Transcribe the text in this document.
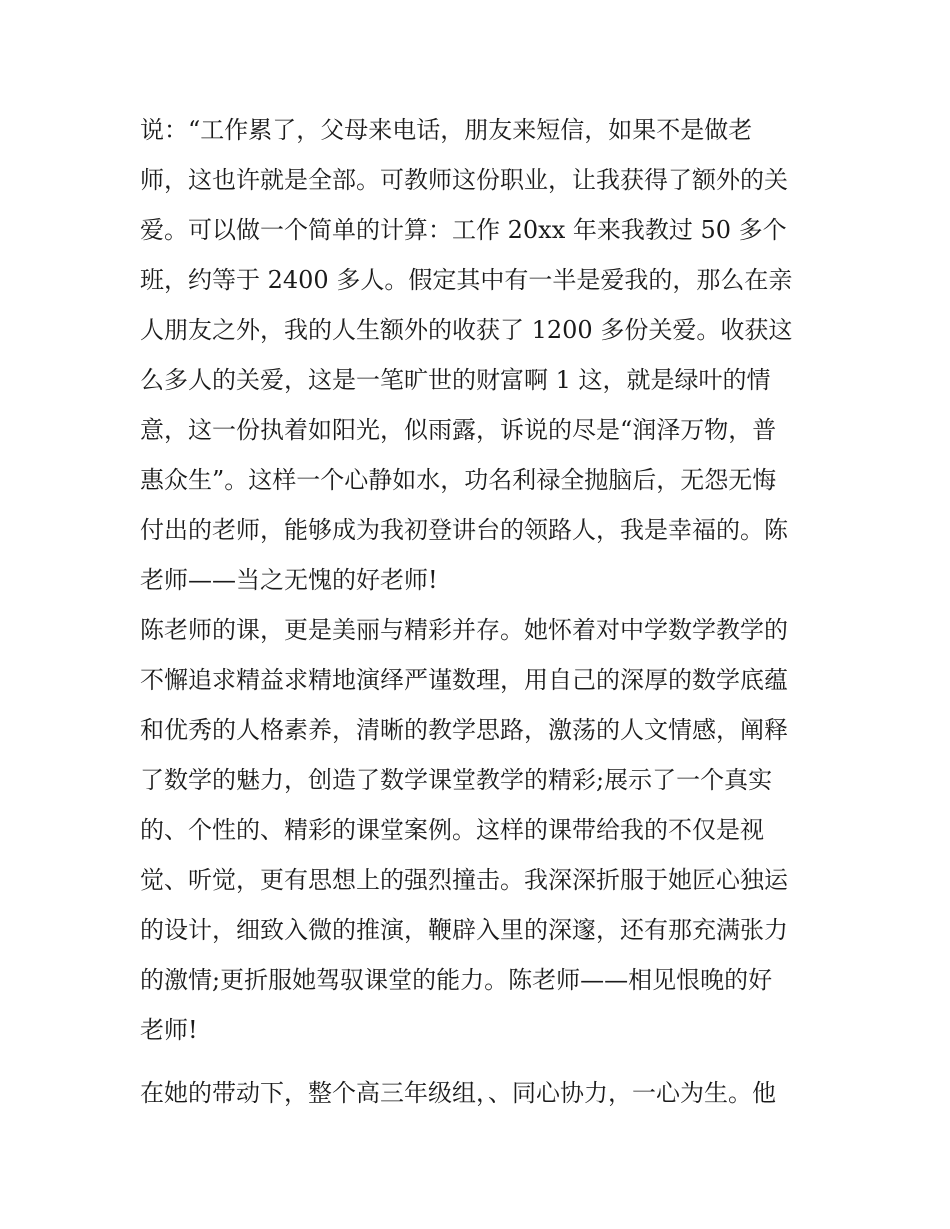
说：“工作累了，父母来电话，朋友来短信，如果不是做老
师，这也许就是全部。可教师这份职业，让我获得了额外的关
爱。可以做一个简单的计算：工作 20xx 年来我教过 50 多个
班，约等于 2400 多人。假定其中有一半是爱我的，那么在亲
人朋友之外，我的人生额外的收获了 1200 多份关爱。收获这
么多人的关爱，这是一笔旷世的财富啊 1 这，就是绿叶的情
意，这一份执着如阳光，似雨露，诉说的尽是“润泽万物，普
惠众生”。这样一个心静如水，功名利禄全抛脑后，无怨无悔
付出的老师，能够成为我初登讲台的领路人，我是幸福的。陈
老师——当之无愧的好老师!
陈老师的课，更是美丽与精彩并存。她怀着对中学数学教学的
不懈追求精益求精地演绎严谨数理，用自己的深厚的数学底蕴
和优秀的人格素养，清晰的教学思路，激荡的人文情感，阐释
了数学的魅力，创造了数学课堂教学的精彩;展示了一个真实
的、个性的、精彩的课堂案例。这样的课带给我的不仅是视
觉、听觉，更有思想上的强烈撞击。我深深折服于她匠心独运
的设计，细致入微的推演，鞭辟入里的深邃，还有那充满张力
的激情;更折服她驾驭课堂的能力。陈老师——相见恨晚的好
老师!
在她的带动下，整个高三年级组，、同心协力，一心为生。他
